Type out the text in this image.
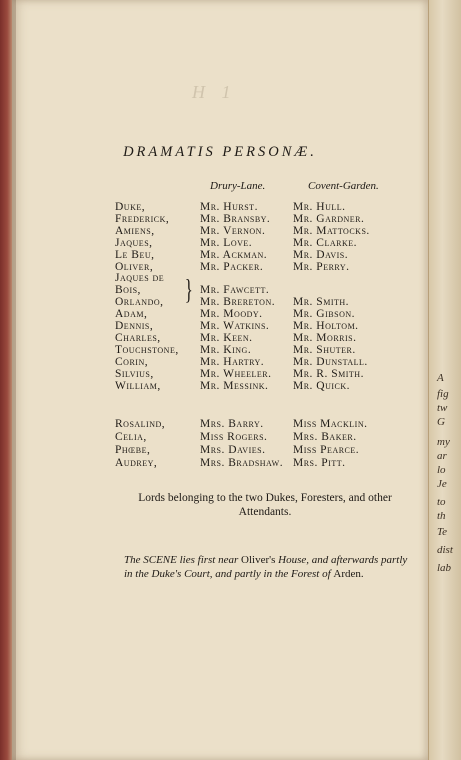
H 1
DRAMATIS PERSONÆ.
Drury-Lane.	Covent-Garden.
Duke,	Mr. Hurst.	Mr. Hull.
Frederick,	Mr. Bransby. Mr. Gardner.
Amiens,	Mr. Vernon. Mr. Mattocks.
Jaques,	Mr. Love.	Mr. Clarke.
Le Beu,	Mr. Ackman. Mr. Davis.
Oliver,	Mr. Packer.	Mr. Perry.
Jaques de
Bois,	Mr. Fawcett.
Orlando,	Mr. Brereton. Mr. Smith.
Adam,	Mr. Moody.	Mr. Gibson.
Dennis,	Mr. Watkins. Mr. Holtom.
Charles,	Mr. Keen.	Mr. Morris.
Touchstone, Mr. King.	Mr. Shuter.
Corin,	Mr. Hartry.	Mr. Dunstall.
Silvius,	Mr. Wheeler. Mr. R. Smith.
William,	Mr. Messink. Mr. Quick.
}
Rosalind,	Mrs. Barry.	Miss Macklin.
Celia,	Miss Rogers. Mrs. Baker.
Phœbe,	Mrs. Davies. Miss Pearce.
Audrey,	Mrs. Bradshaw. Mrs. Pitt.
Lords belonging to the two Dukes, Foresters, and other Attendants.
The SCENE lies first near Oliver's House, and afterwards partly in the Duke's Court, and partly in the Forest of Arden.
A
fig
tw
G
my
ar
lo
Je
to
th
Te
dist
lab
